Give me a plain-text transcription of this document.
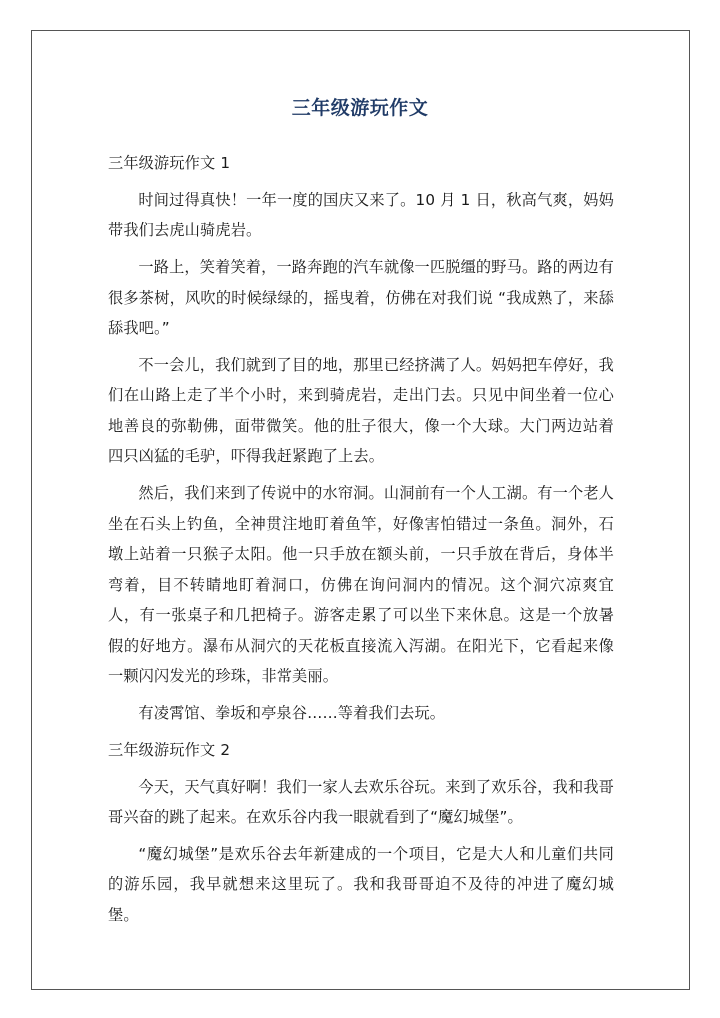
三年级游玩作文

三年级游玩作文 1

时间过得真快！一年一度的国庆又来了。10 月 1 日，秋高气爽，妈妈带我们去虎山骑虎岩。

一路上，笑着笑着，一路奔跑的汽车就像一匹脱缰的野马。路的两边有很多茶树，风吹的时候绿绿的，摇曳着，仿佛在对我们说 “我成熟了，来舔舔我吧。”

不一会儿，我们就到了目的地，那里已经挤满了人。妈妈把车停好，我们在山路上走了半个小时，来到骑虎岩，走出门去。只见中间坐着一位心地善良的弥勒佛，面带微笑。他的肚子很大，像一个大球。大门两边站着四只凶猛的毛驴，吓得我赶紧跑了上去。

然后，我们来到了传说中的水帘洞。山洞前有一个人工湖。有一个老人坐在石头上钓鱼，全神贯注地盯着鱼竿，好像害怕错过一条鱼。洞外，石墩上站着一只猴子太阳。他一只手放在额头前，一只手放在背后，身体半弯着，目不转睛地盯着洞口，仿佛在询问洞内的情况。这个洞穴凉爽宜人，有一张桌子和几把椅子。游客走累了可以坐下来休息。这是一个放暑假的好地方。瀑布从洞穴的天花板直接流入泻湖。在阳光下，它看起来像一颗闪闪发光的珍珠，非常美丽。

有凌霄馆、拳坂和亭泉谷……等着我们去玩。

三年级游玩作文 2

今天，天气真好啊！我们一家人去欢乐谷玩。来到了欢乐谷，我和我哥哥兴奋的跳了起来。在欢乐谷内我一眼就看到了“魔幻城堡”。

“魔幻城堡”是欢乐谷去年新建成的一个项目，它是大人和儿童们共同的游乐园，我早就想来这里玩了。我和我哥哥迫不及待的冲进了魔幻城堡。
